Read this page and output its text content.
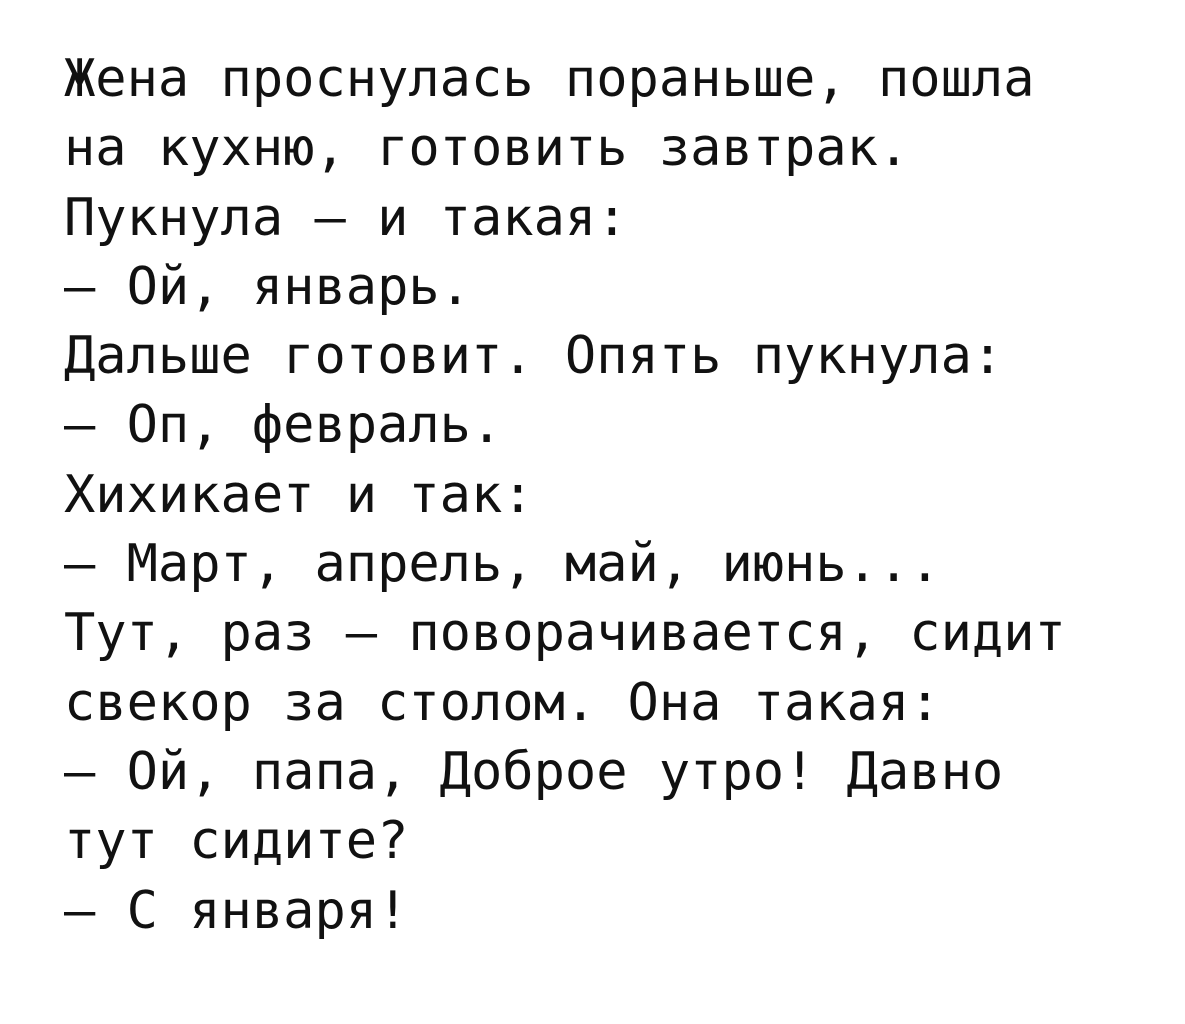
Жена проснулась пораньше, пошла
на кухню, готовить завтрак.
Пукнула — и такая:
– Ой, январь.
Дальше готовит. Опять пукнула:
– Оп, февраль.
Хихикает и так:
– Март, апрель, май, июнь...
Тут, раз — поворачивается, сидит
свекор за столом. Она такая:
– Ой, папа, Доброе утро! Давно
тут сидите?
– С января!
